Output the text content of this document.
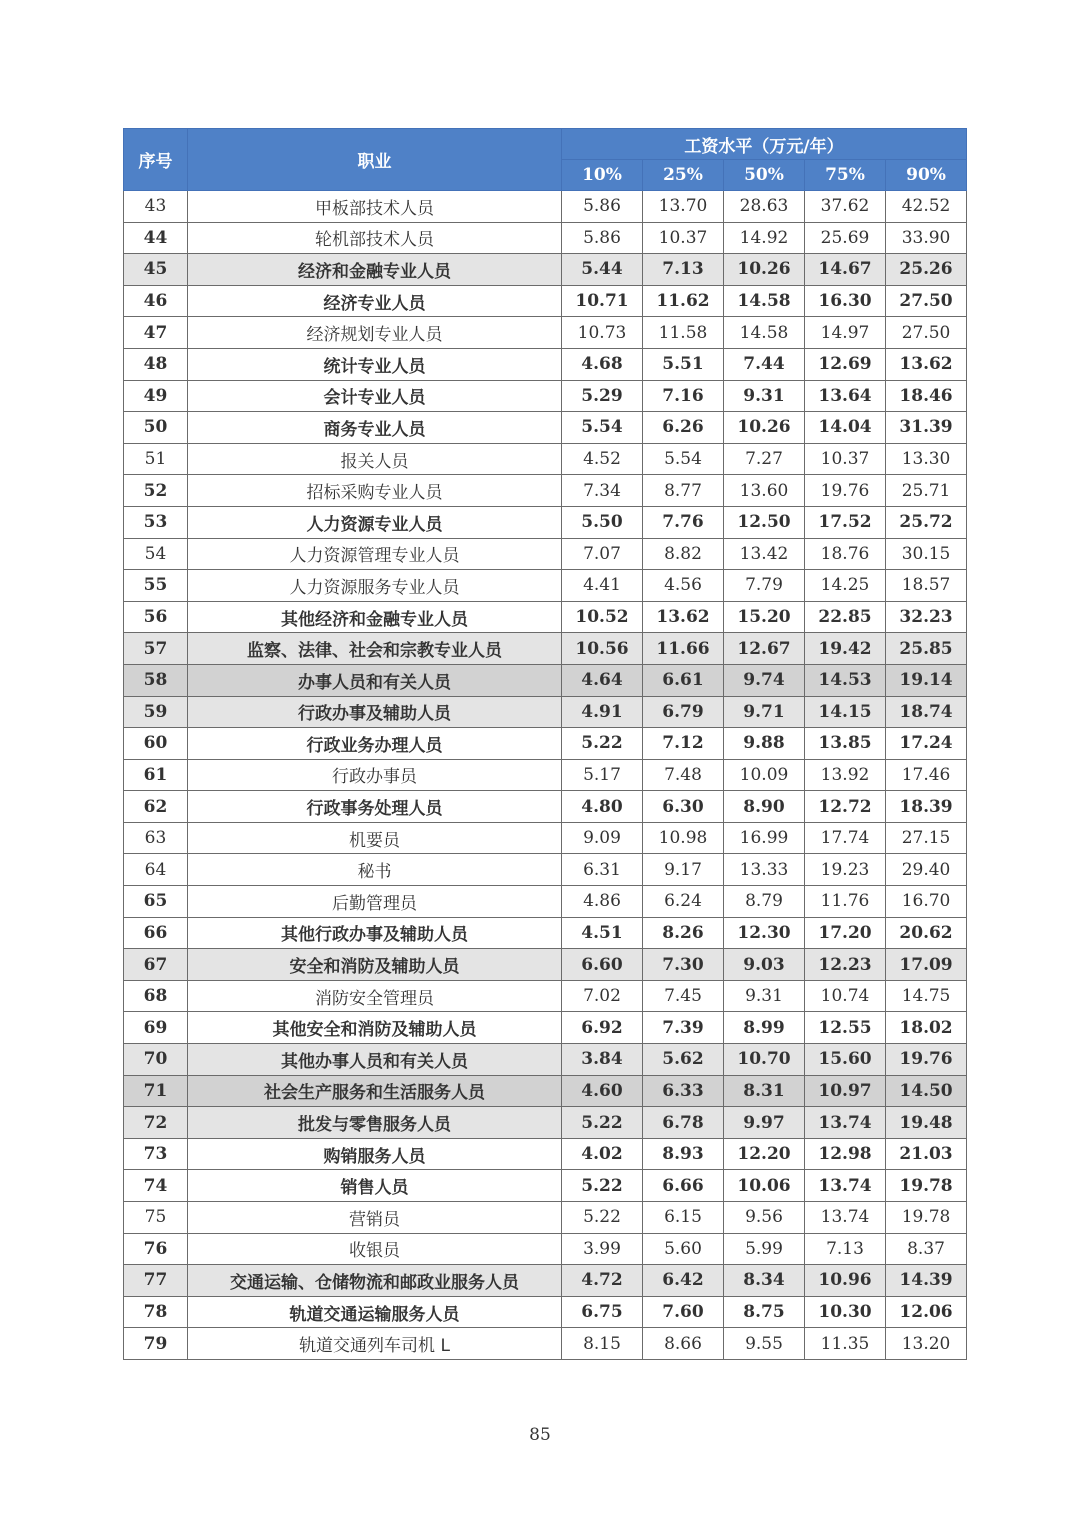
序号	职业	工资水平（万元/年）				
		10%	25%	50%	75%	90%
43	甲板部技术人员	5.86	13.70	28.63	37.62	42.52
44	轮机部技术人员	5.86	10.37	14.92	25.69	33.90
45	经济和金融专业人员	5.44	7.13	10.26	14.67	25.26
46	经济专业人员	10.71	11.62	14.58	16.30	27.50
47	经济规划专业人员	10.73	11.58	14.58	14.97	27.50
48	统计专业人员	4.68	5.51	7.44	12.69	13.62
49	会计专业人员	5.29	7.16	9.31	13.64	18.46
50	商务专业人员	5.54	6.26	10.26	14.04	31.39
51	报关人员	4.52	5.54	7.27	10.37	13.30
52	招标采购专业人员	7.34	8.77	13.60	19.76	25.71
53	人力资源专业人员	5.50	7.76	12.50	17.52	25.72
54	人力资源管理专业人员	7.07	8.82	13.42	18.76	30.15
55	人力资源服务专业人员	4.41	4.56	7.79	14.25	18.57
56	其他经济和金融专业人员	10.52	13.62	15.20	22.85	32.23
57	监察、法律、社会和宗教专业人员	10.56	11.66	12.67	19.42	25.85
58	办事人员和有关人员	4.64	6.61	9.74	14.53	19.14
59	行政办事及辅助人员	4.91	6.79	9.71	14.15	18.74
60	行政业务办理人员	5.22	7.12	9.88	13.85	17.24
61	行政办事员	5.17	7.48	10.09	13.92	17.46
62	行政事务处理人员	4.80	6.30	8.90	12.72	18.39
63	机要员	9.09	10.98	16.99	17.74	27.15
64	秘书	6.31	9.17	13.33	19.23	29.40
65	后勤管理员	4.86	6.24	8.79	11.76	16.70
66	其他行政办事及辅助人员	4.51	8.26	12.30	17.20	20.62
67	安全和消防及辅助人员	6.60	7.30	9.03	12.23	17.09
68	消防安全管理员	7.02	7.45	9.31	10.74	14.75
69	其他安全和消防及辅助人员	6.92	7.39	8.99	12.55	18.02
70	其他办事人员和有关人员	3.84	5.62	10.70	15.60	19.76
71	社会生产服务和生活服务人员	4.60	6.33	8.31	10.97	14.50
72	批发与零售服务人员	5.22	6.78	9.97	13.74	19.48
73	购销服务人员	4.02	8.93	12.20	12.98	21.03
74	销售人员	5.22	6.66	10.06	13.74	19.78
75	营销员	5.22	6.15	9.56	13.74	19.78
76	收银员	3.99	5.60	5.99	7.13	8.37
77	交通运输、仓储物流和邮政业服务人员	4.72	6.42	8.34	10.96	14.39
78	轨道交通运输服务人员	6.75	7.60	8.75	10.30	12.06
79	轨道交通列车司机 L	8.15	8.66	9.55	11.35	13.20
85
